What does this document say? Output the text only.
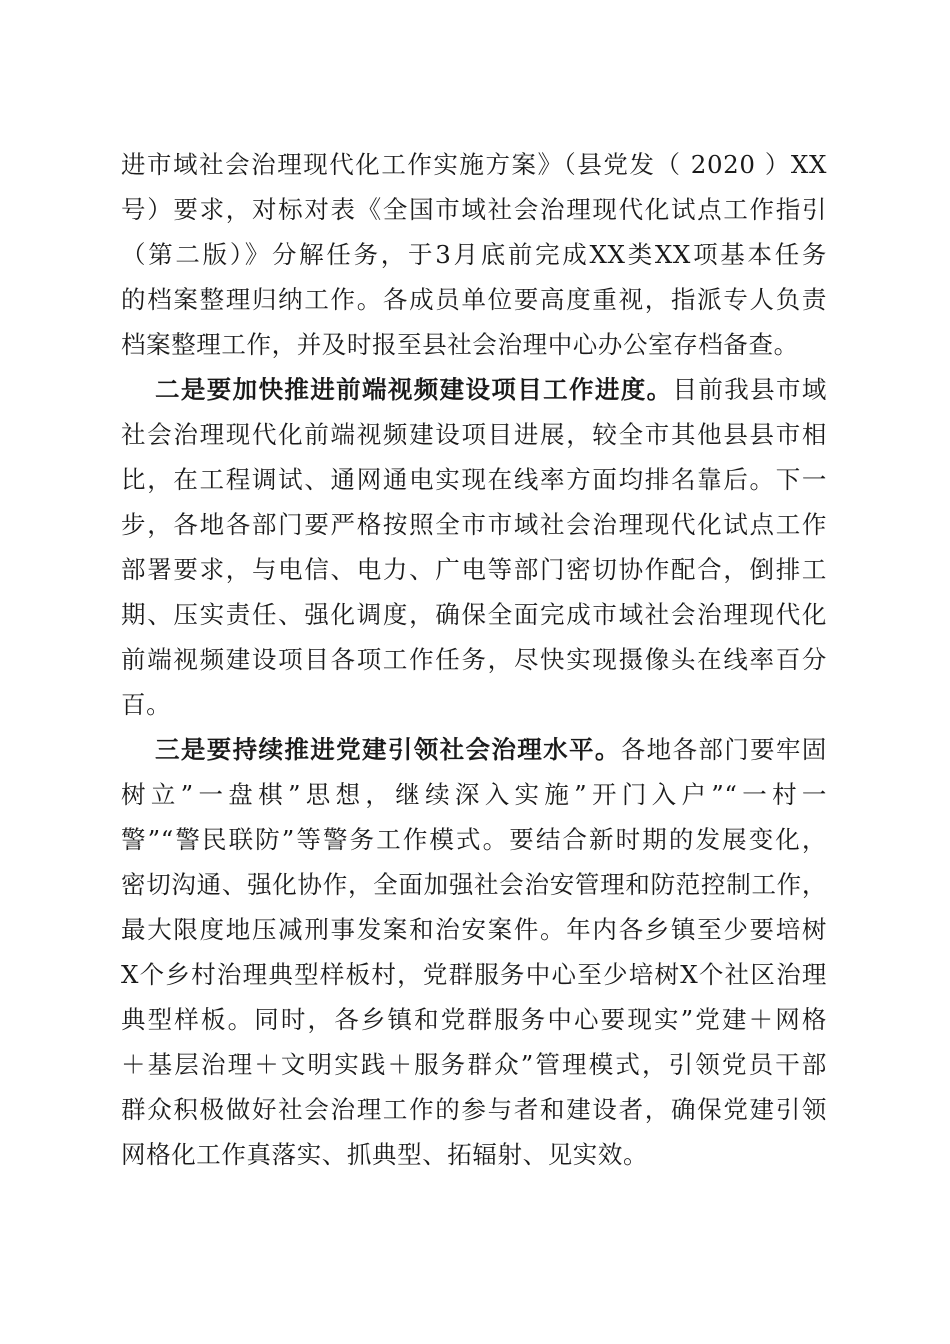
进市域社会治理现代化工作实施方案》（县党发（ 2020 ）XX
号）要求，对标对表《全国市域社会治理现代化试点工作指引
（第二版）》分解任务，于3月底前完成XX类XX项基本任务
的档案整理归纳工作。各成员单位要高度重视，指派专人负责
档案整理工作，并及时报至县社会治理中心办公室存档备查。
二是要加快推进前端视频建设项目工作进度。目前我县市域
社会治理现代化前端视频建设项目进展，较全市其他县县市相
比，在工程调试、通网通电实现在线率方面均排名靠后。下一
步，各地各部门要严格按照全市市域社会治理现代化试点工作
部署要求，与电信、电力、广电等部门密切协作配合，倒排工
期、压实责任、强化调度，确保全面完成市域社会治理现代化
前端视频建设项目各项工作任务，尽快实现摄像头在线率百分
百。
三是要持续推进党建引领社会治理水平。各地各部门要牢固
树立”一盘棋”思想，继续深入实施”开门入户”“一村一
警”“警民联防”等警务工作模式。要结合新时期的发展变化，
密切沟通、强化协作，全面加强社会治安管理和防范控制工作，
最大限度地压减刑事发案和治安案件。年内各乡镇至少要培树
X个乡村治理典型样板村，党群服务中心至少培树X个社区治理
典型样板。同时，各乡镇和党群服务中心要现实”党建＋网格
＋基层治理＋文明实践＋服务群众”管理模式，引领党员干部
群众积极做好社会治理工作的参与者和建设者，确保党建引领
网格化工作真落实、抓典型、拓辐射、见实效。
